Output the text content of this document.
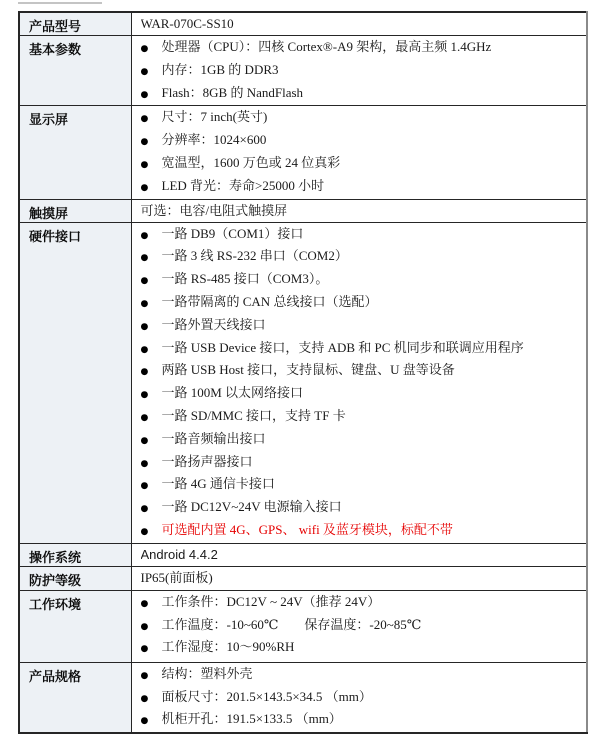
产品型号	WAR-070C-SS10

基本参数	●	处理器（CPU）：四核 Cortex®-A9 架构，最高主频 1.4GHz
●	内存：1GB 的 DDR3
●	Flash：8GB 的 NandFlash

显示屏	●	尺寸：7 inch(英寸)
●	分辨率：1024×600
●	宽温型，1600 万色或 24 位真彩
●	LED 背光：寿命>25000 小时

触摸屏	可选：电容/电阻式触摸屏

硬件接口	●	一路 DB9（COM1）接口
●	一路 3 线 RS-232 串口（COM2）
●	一路 RS-485 接口（COM3）。
●	一路带隔离的 CAN 总线接口（选配）
●	一路外置天线接口
●	一路 USB Device 接口，支持 ADB 和 PC 机同步和联调应用程序
●	两路 USB Host 接口，支持鼠标、键盘、U 盘等设备
●	一路 100M 以太网络接口
●	一路 SD/MMC 接口，支持 TF 卡
●	一路音频输出接口
●	一路扬声器接口
●	一路 4G 通信卡接口
●	一路 DC12V~24V 电源输入接口
●	可选配内置 4G、GPS、 wifi 及蓝牙模块，标配不带

操作系统	Android 4.4.2

防护等级	IP65(前面板)

工作环境	●	工作条件：DC12V ~ 24V（推荐 24V）
●	工作温度：-10~60℃　　保存温度：-20~85℃
●	工作湿度：10～90%RH

产品规格	●	结构：塑料外壳
●	面板尺寸：201.5×143.5×34.5 （mm）
●	机柜开孔：191.5×133.5 （mm）
